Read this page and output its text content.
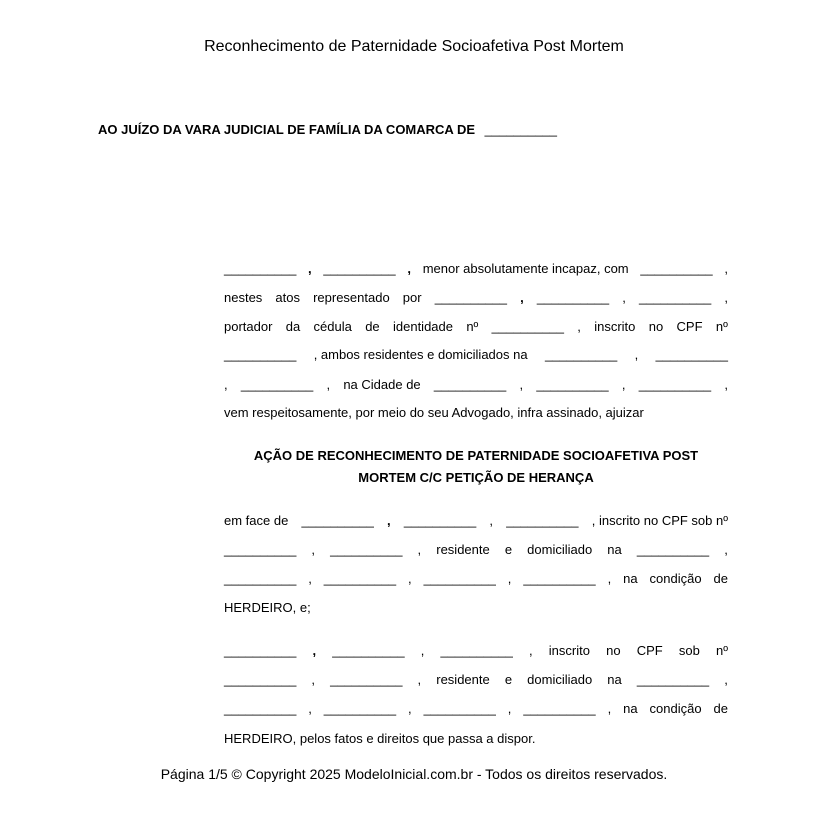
Reconhecimento de Paternidade Socioafetiva Post Mortem
AO JUÍZO DA VARA JUDICIAL DE FAMÍLIA DA COMARCA DE __________
__________ , __________ , menor absolutamente incapaz, com __________ ,
nestes atos representado por __________ , __________ , __________ ,
portador da cédula de identidade nº __________ , inscrito no CPF nº
__________ , ambos residentes e domiciliados na __________ , __________
, __________ , na Cidade de __________ , __________ , __________ ,
vem respeitosamente, por meio do seu Advogado, infra assinado, ajuizar
AÇÃO DE RECONHECIMENTO DE PATERNIDADE SOCIOAFETIVA POST
MORTEM C/C PETIÇÃO DE HERANÇA
em face de __________ , __________ , __________ , inscrito no CPF sob nº
__________ , __________ , residente e domiciliado na __________ ,
__________ , __________ , __________ , __________ , na condição de
HERDEIRO, e;
__________ , __________ , __________ , inscrito no CPF sob nº
__________ , __________ , residente e domiciliado na __________ ,
__________ , __________ , __________ , __________ , na condição de
HERDEIRO, pelos fatos e direitos que passa a dispor.
Página 1/5 © Copyright 2025 ModeloInicial.com.br - Todos os direitos reservados.
